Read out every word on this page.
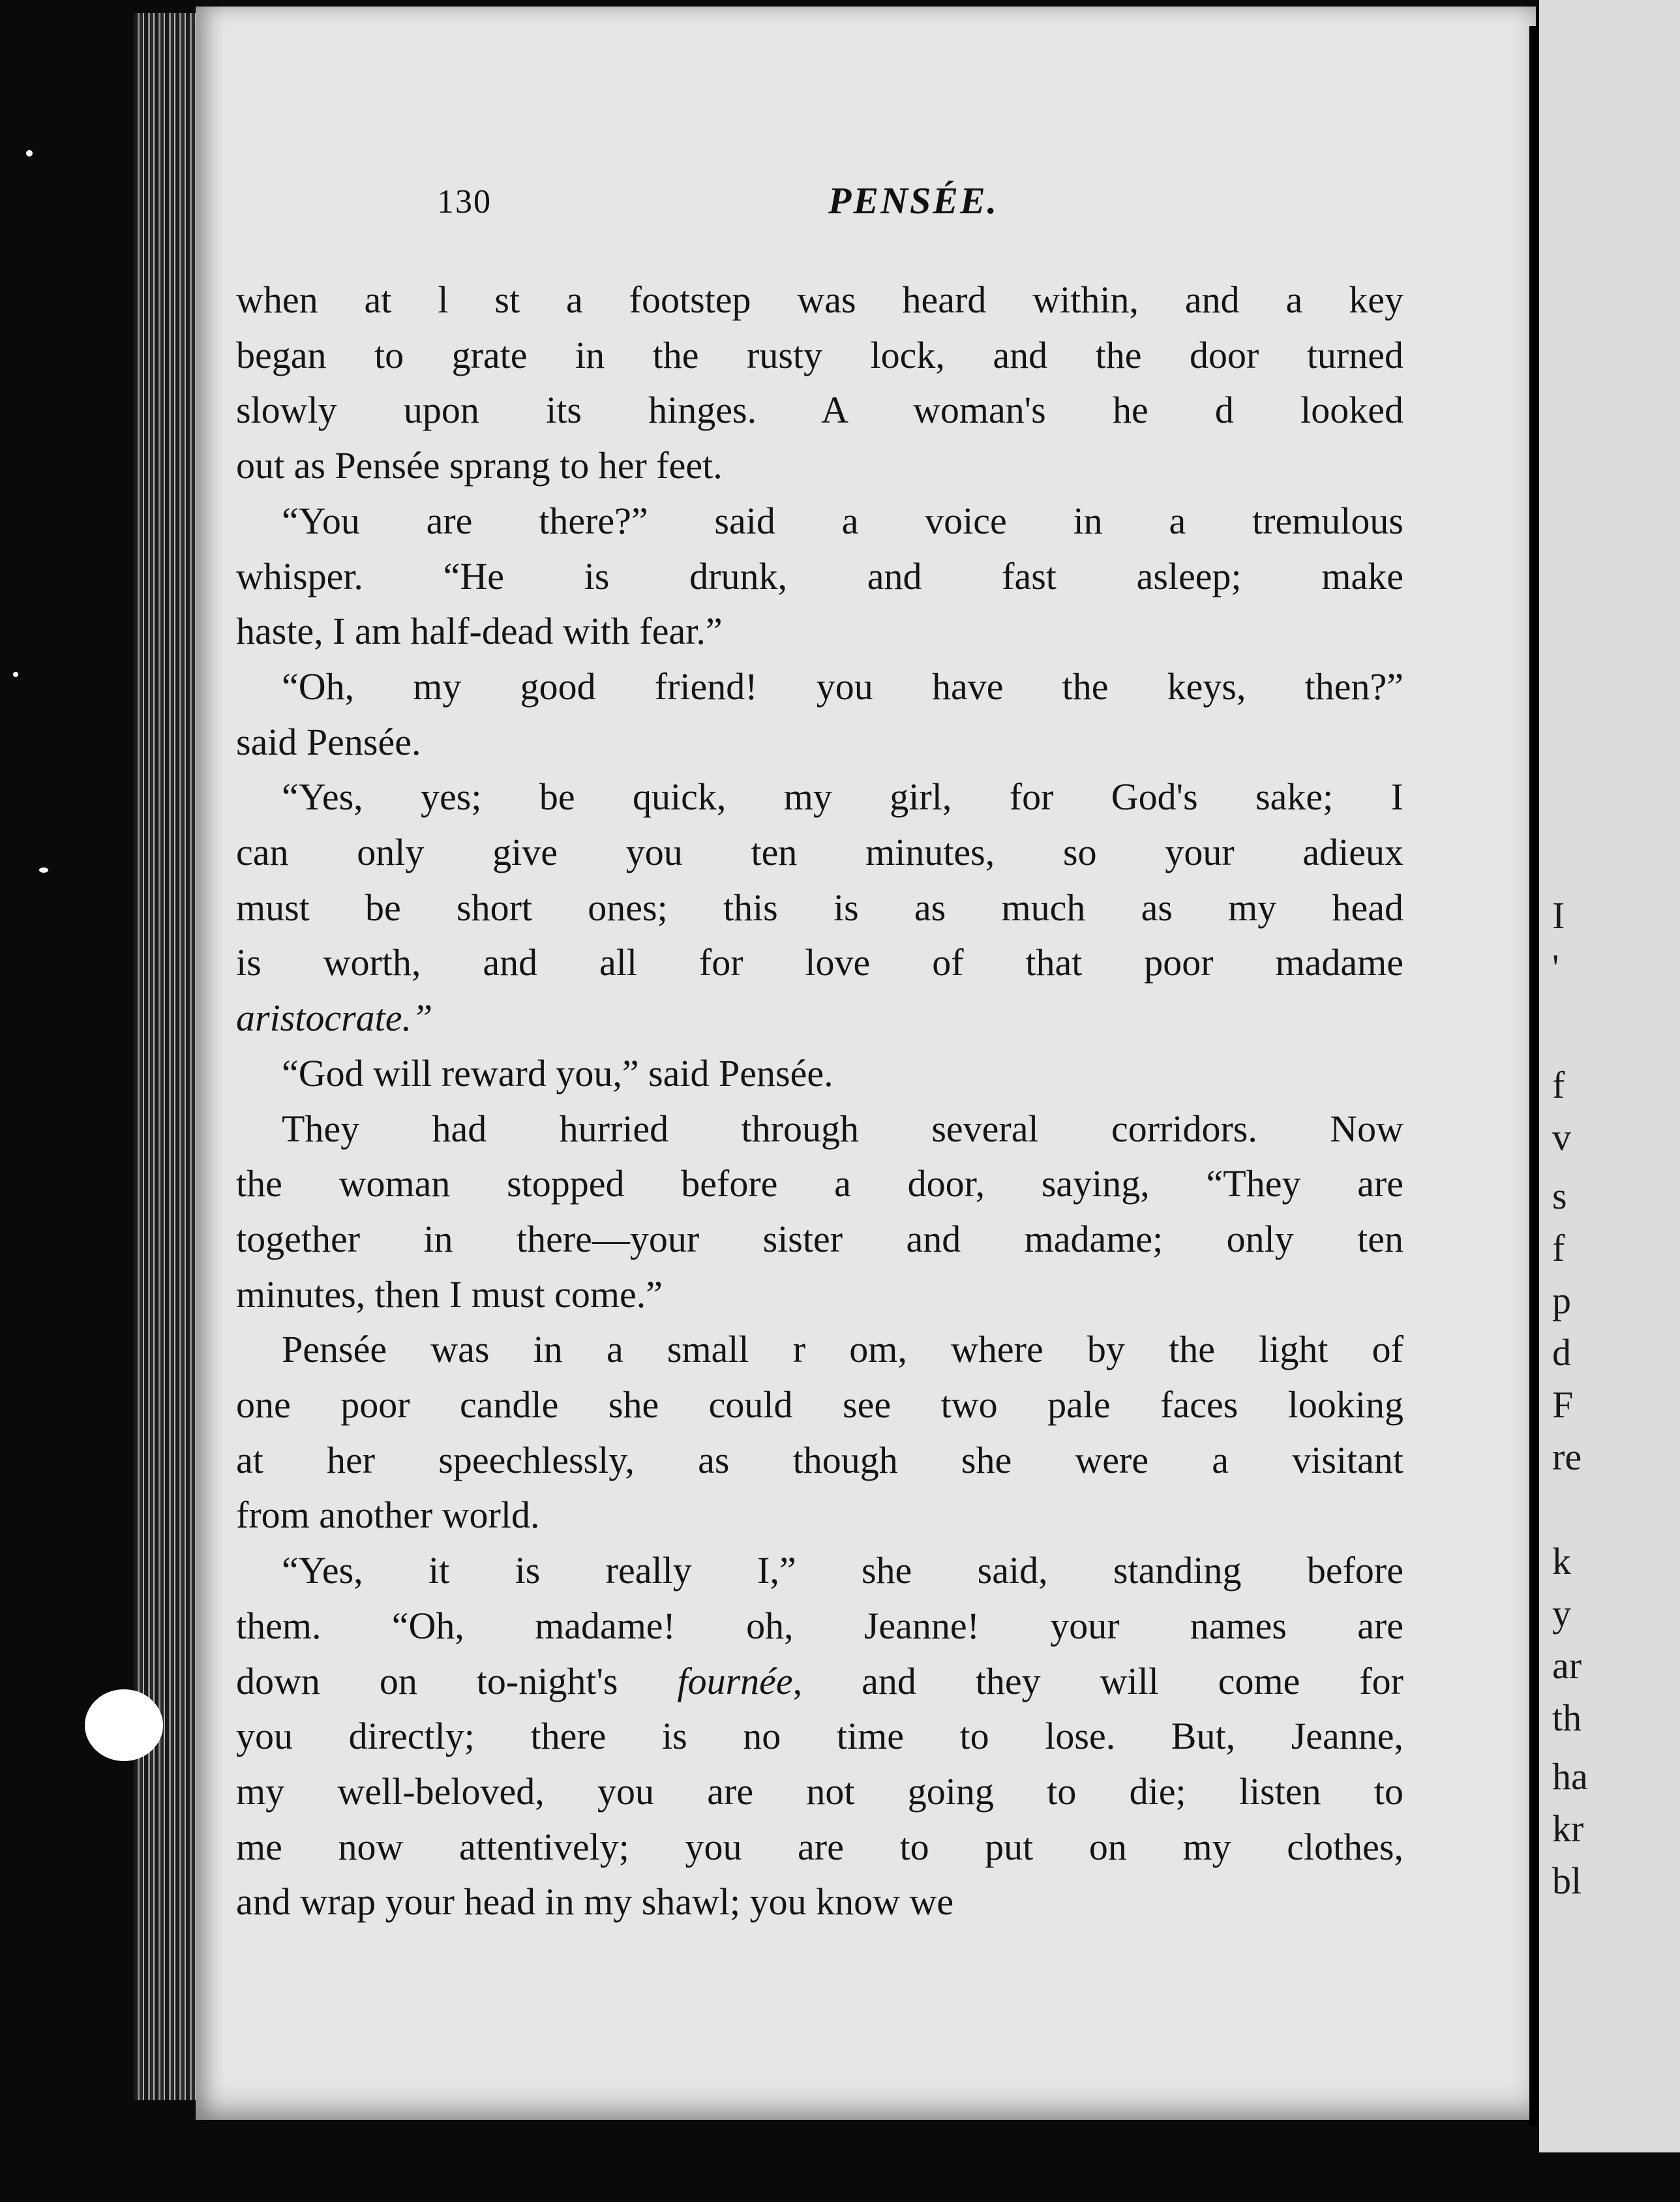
130	PENSÉE.
I
'
f
v
s
f
p
d
F
re
k
y
ar
th
ha
kr
bl

when at l st a footstep was heard within, and a key

began to grate in the rusty lock, and the door turned

slowly upon its hinges. A woman's he d looked

out as Pensée sprang to her feet.

“You are there?” said a voice in a tremulous

whisper. “He is drunk, and fast asleep; make

haste, I am half-dead with fear.”

“Oh, my good friend! you have the keys, then?”

said Pensée.

“Yes, yes; be quick, my girl, for God's sake; I

can only give you ten minutes, so your adieux

must be short ones; this is as much as my head

is worth, and all for love of that poor madame

aristocrate.”

“God will reward you,” said Pensée.

They had hurried through several corridors. Now

the woman stopped before a door, saying, “They are

together in there—your sister and madame; only ten

minutes, then I must come.”

Pensée was in a small r om, where by the light of

one poor candle she could see two pale faces looking

at her speechlessly, as though she were a visitant

from another world.

“Yes, it is really I,” she said, standing before

them. “Oh, madame! oh, Jeanne! your names are

down on to-night's fournée, and they will come for

you directly; there is no time to lose. But, Jeanne,

my well-beloved, you are not going to die; listen to

me now attentively; you are to put on my clothes,

and wrap your head in my shawl; you know we
